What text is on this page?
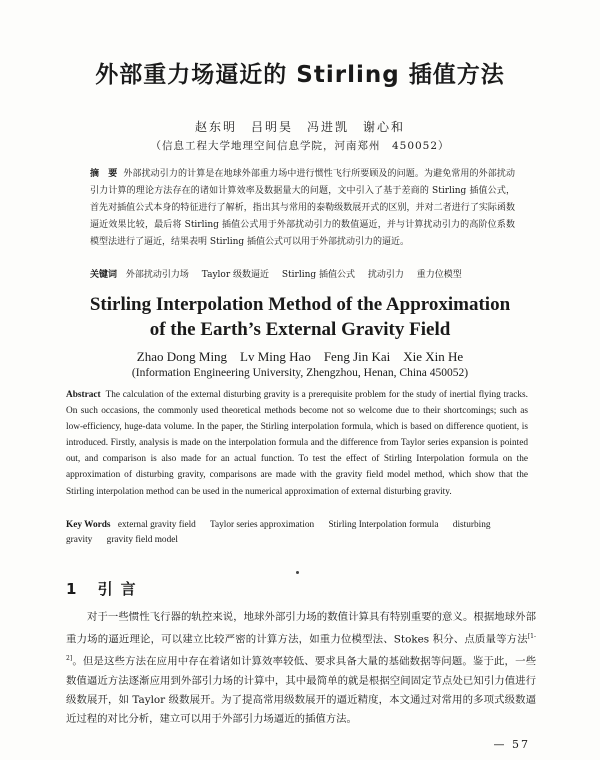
外部重力场逼近的 Stirling 插值方法
赵东明　吕明昊　冯进凯　谢心和
（信息工程大学地理空间信息学院，河南郑州　450052）
摘　要 外部扰动引力的计算是在地球外部重力场中进行惯性飞行所要顾及的问题。为避免常用的外部扰动引力计算的理论方法存在的诸如计算效率及数据量大的问题，文中引入了基于差商的 Stirling 插值公式，首先对插值公式本身的特征进行了解析，指出其与常用的泰勒级数展开式的区别，并对二者进行了实际函数逼近效果比较，最后将 Stirling 插值公式用于外部扰动引力的数值逼近，并与计算扰动引力的高阶位系数模型法进行了逼近，结果表明 Stirling 插值公式可以用于外部扰动引力的逼近。
关键词 外部扰动引力场 Taylor 级数逼近 Stirling 插值公式 扰动引力 重力位模型
Stirling Interpolation Method of the Approximation
of the Earth’s External Gravity Field
Zhao Dong Ming　Lv Ming Hao　Feng Jin Kai　Xie Xin He
(Information Engineering University, Zhengzhou, Henan, China 450052)
Abstract The calculation of the external disturbing gravity is a prerequisite problem for the study of inertial flying tracks. On such occasions, the commonly used theoretical methods become not so welcome due to their shortcomings; such as low-efficiency, huge-data volume. In the paper, the Stirling interpolation formula, which is based on difference quotient, is introduced. Firstly, analysis is made on the interpolation formula and the difference from Taylor series expansion is pointed out, and comparison is also made for an actual function. To test the effect of Stirling Interpolation formula on the approximation of disturbing gravity, comparisons are made with the gravity field model method, which show that the Stirling interpolation method can be used in the numerical approximation of external disturbing gravity.
Key Words external gravity field Taylor series approximation Stirling Interpolation formula disturbing gravity gravity field model
1 引言
对于一些惯性飞行器的轨控来说，地球外部引力场的数值计算具有特别重要的意义。根据地球外部重力场的逼近理论，可以建立比较严密的计算方法，如重力位模型法、Stokes 积分、点质量等方法[1-2]。但是这些方法在应用中存在着诸如计算效率较低、要求具备大量的基础数据等问题。鉴于此，一些数值逼近方法逐渐应用到外部引力场的计算中，其中最简单的就是根据空间固定节点处已知引力值进行级数展开，如 Taylor 级数展开。为了提高常用级数展开的逼近精度，本文通过对常用的多项式级数逼近过程的对比分析，建立可以用于外部引力场逼近的插值方法。
— 57
